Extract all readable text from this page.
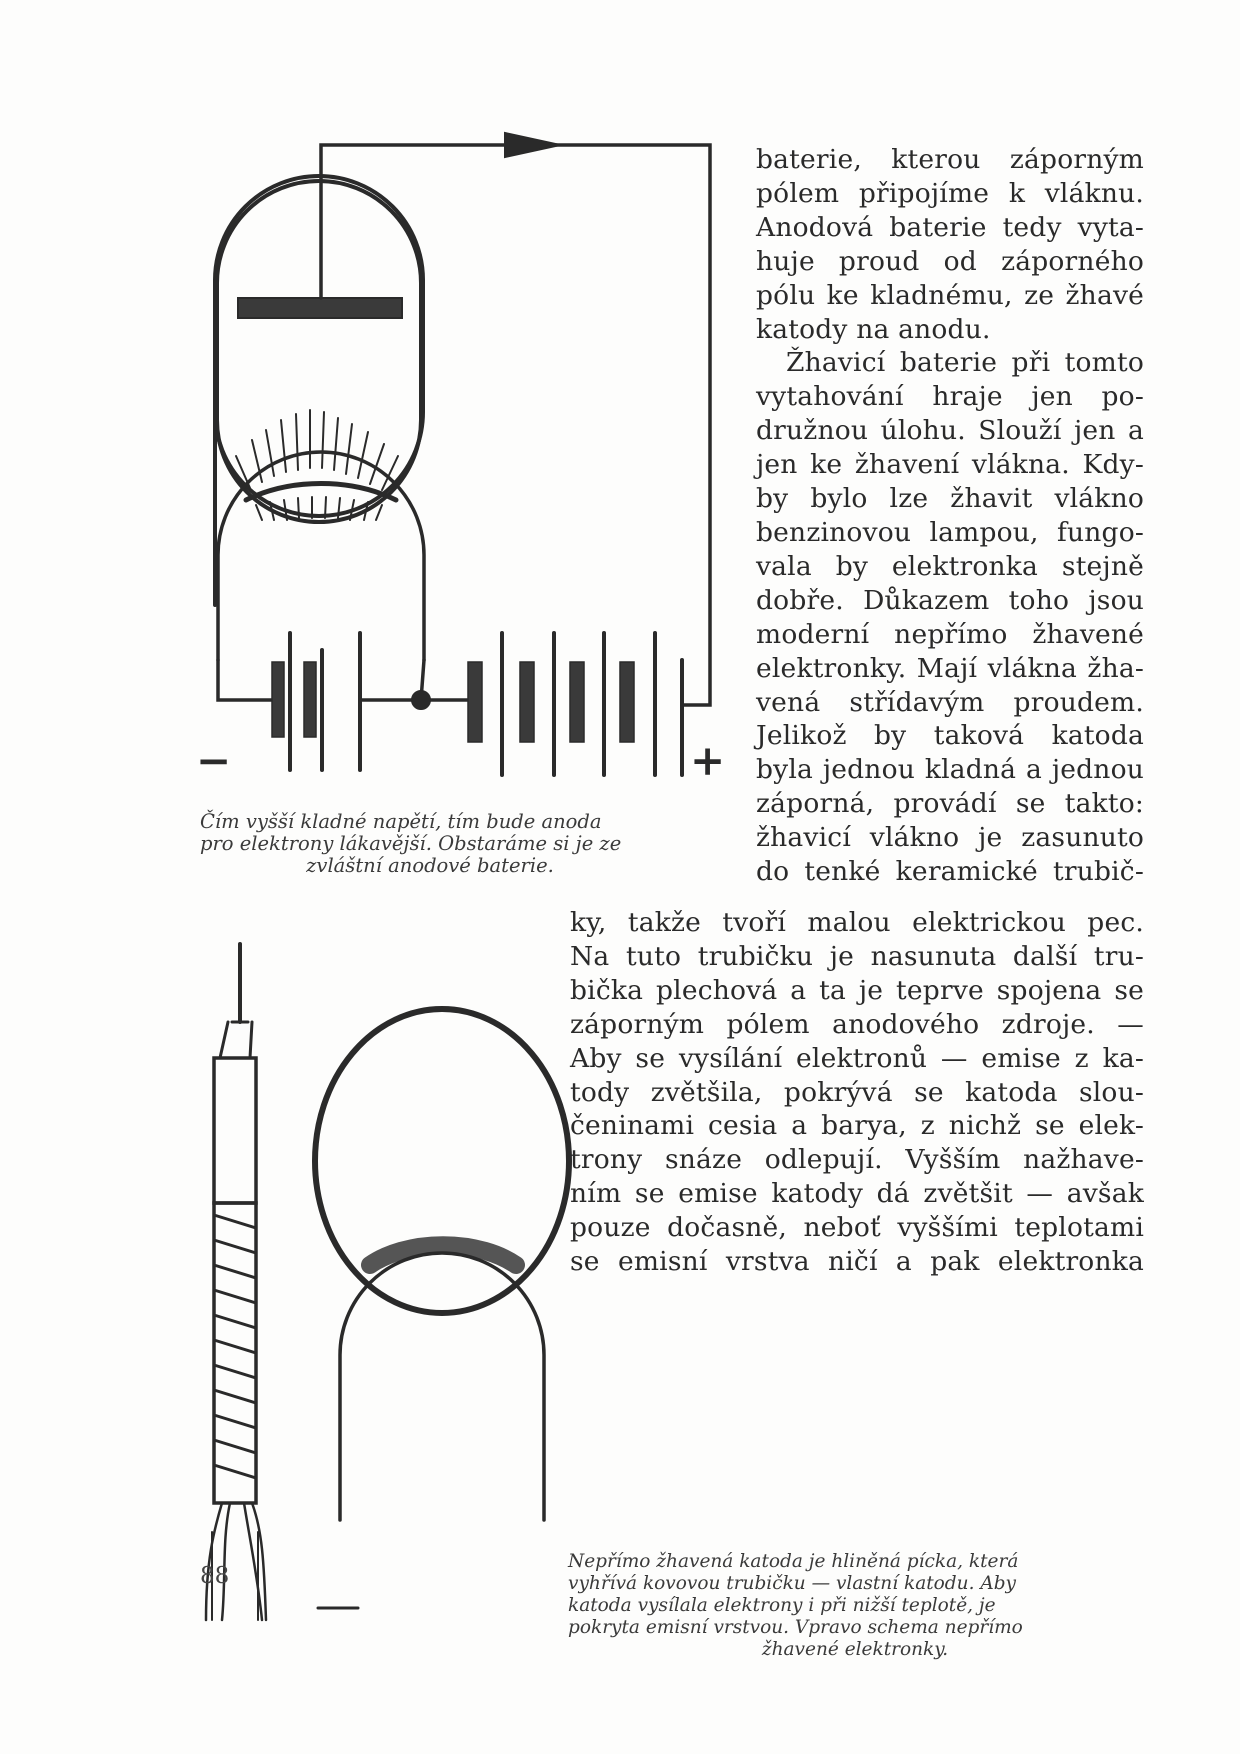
−	+
Čím vyšší kladné napětí, tím bude anoda
pro elektrony lákavější. Obstaráme si je ze
zvláštní anodové baterie.
baterie, kterou záporným
pólem připojíme k vláknu.
Anodová baterie tedy vyta-
huje proud od záporného
pólu ke kladnému, ze žhavé
katody na anodu.
Žhavicí baterie při tomto
vytahování hraje jen po-
družnou úlohu. Slouží jen a
jen ke žhavení vlákna. Kdy-
by bylo lze žhavit vlákno
benzinovou lampou, fungo-
vala by elektronka stejně
dobře. Důkazem toho jsou
moderní nepřímo žhavené
elektronky. Mají vlákna žha-
vená střídavým proudem.
Jelikož by taková katoda
byla jednou kladná a jednou
záporná, provádí se takto:
žhavicí vlákno je zasunuto
do tenké keramické trubič-
ky, takže tvoří malou elektrickou pec.
Na tuto trubičku je nasunuta další tru-
bička plechová a ta je teprve spojena se
záporným pólem anodového zdroje. —
Aby se vysílání elektronů — emise z ka-
tody zvětšila, pokrývá se katoda slou-
čeninami cesia a barya, z nichž se elek-
trony snáze odlepují. Vyšším nažhave-
ním se emise katody dá zvětšit — avšak
pouze dočasně, neboť vyššími teplotami
se emisní vrstva ničí a pak elektronka
Nepřímo žhavená katoda je hliněná pícka, která
vyhřívá kovovou trubičku — vlastní katodu. Aby
katoda vysílala elektrony i při nižší teplotě, je
pokryta emisní vrstvou. Vpravo schema nepřímo
žhavené elektronky.
88
